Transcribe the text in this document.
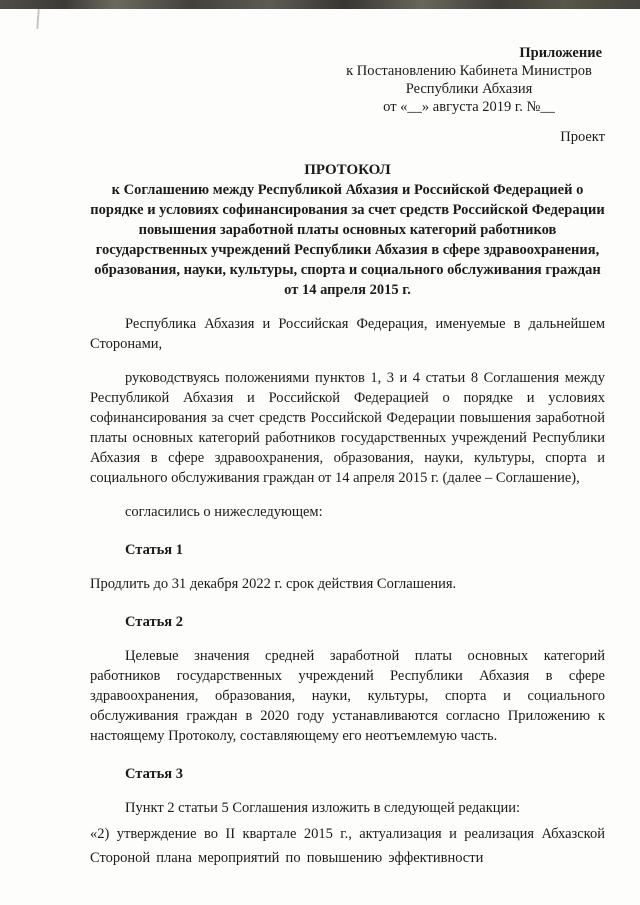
Приложение
к Постановлению Кабинета Министров
Республики Абхазия
от «__» августа 2019 г. №__
Проект
ПРОТОКОЛ

к Соглашению между Республикой Абхазия и Российской Федерацией о порядке и условиях софинансирования за счет средств Российской Федерации повышения заработной платы основных категорий работников государственных учреждений Республики Абхазия в сфере здравоохранения, образования, науки, культуры, спорта и социального обслуживания граждан от 14 апреля 2015 г.

Республика Абхазия и Российская Федерация, именуемые в дальнейшем Сторонами,

руководствуясь положениями пунктов 1, 3 и 4 статьи 8 Соглашения между Республикой Абхазия и Российской Федерацией о порядке и условиях софинансирования за счет средств Российской Федерации повышения заработной платы основных категорий работников государственных учреждений Республики Абхазия в сфере здравоохранения, образования, науки, культуры, спорта и социального обслуживания граждан от 14 апреля 2015 г. (далее – Соглашение),

согласились о нижеследующем:

Статья 1

Продлить до 31 декабря 2022 г. срок действия Соглашения.

Статья 2

Целевые значения средней заработной платы основных категорий работников государственных учреждений Республики Абхазия в сфере здравоохранения, образования, науки, культуры, спорта и социального обслуживания граждан в 2020 году устанавливаются согласно Приложению к настоящему Протоколу, составляющему его неотъемлемую часть.

Статья 3

Пункт 2 статьи 5 Соглашения изложить в следующей редакции:

«2) утверждение во II квартале 2015 г., актуализация и реализация Абхазской Стороной плана мероприятий по повышению эффективности
